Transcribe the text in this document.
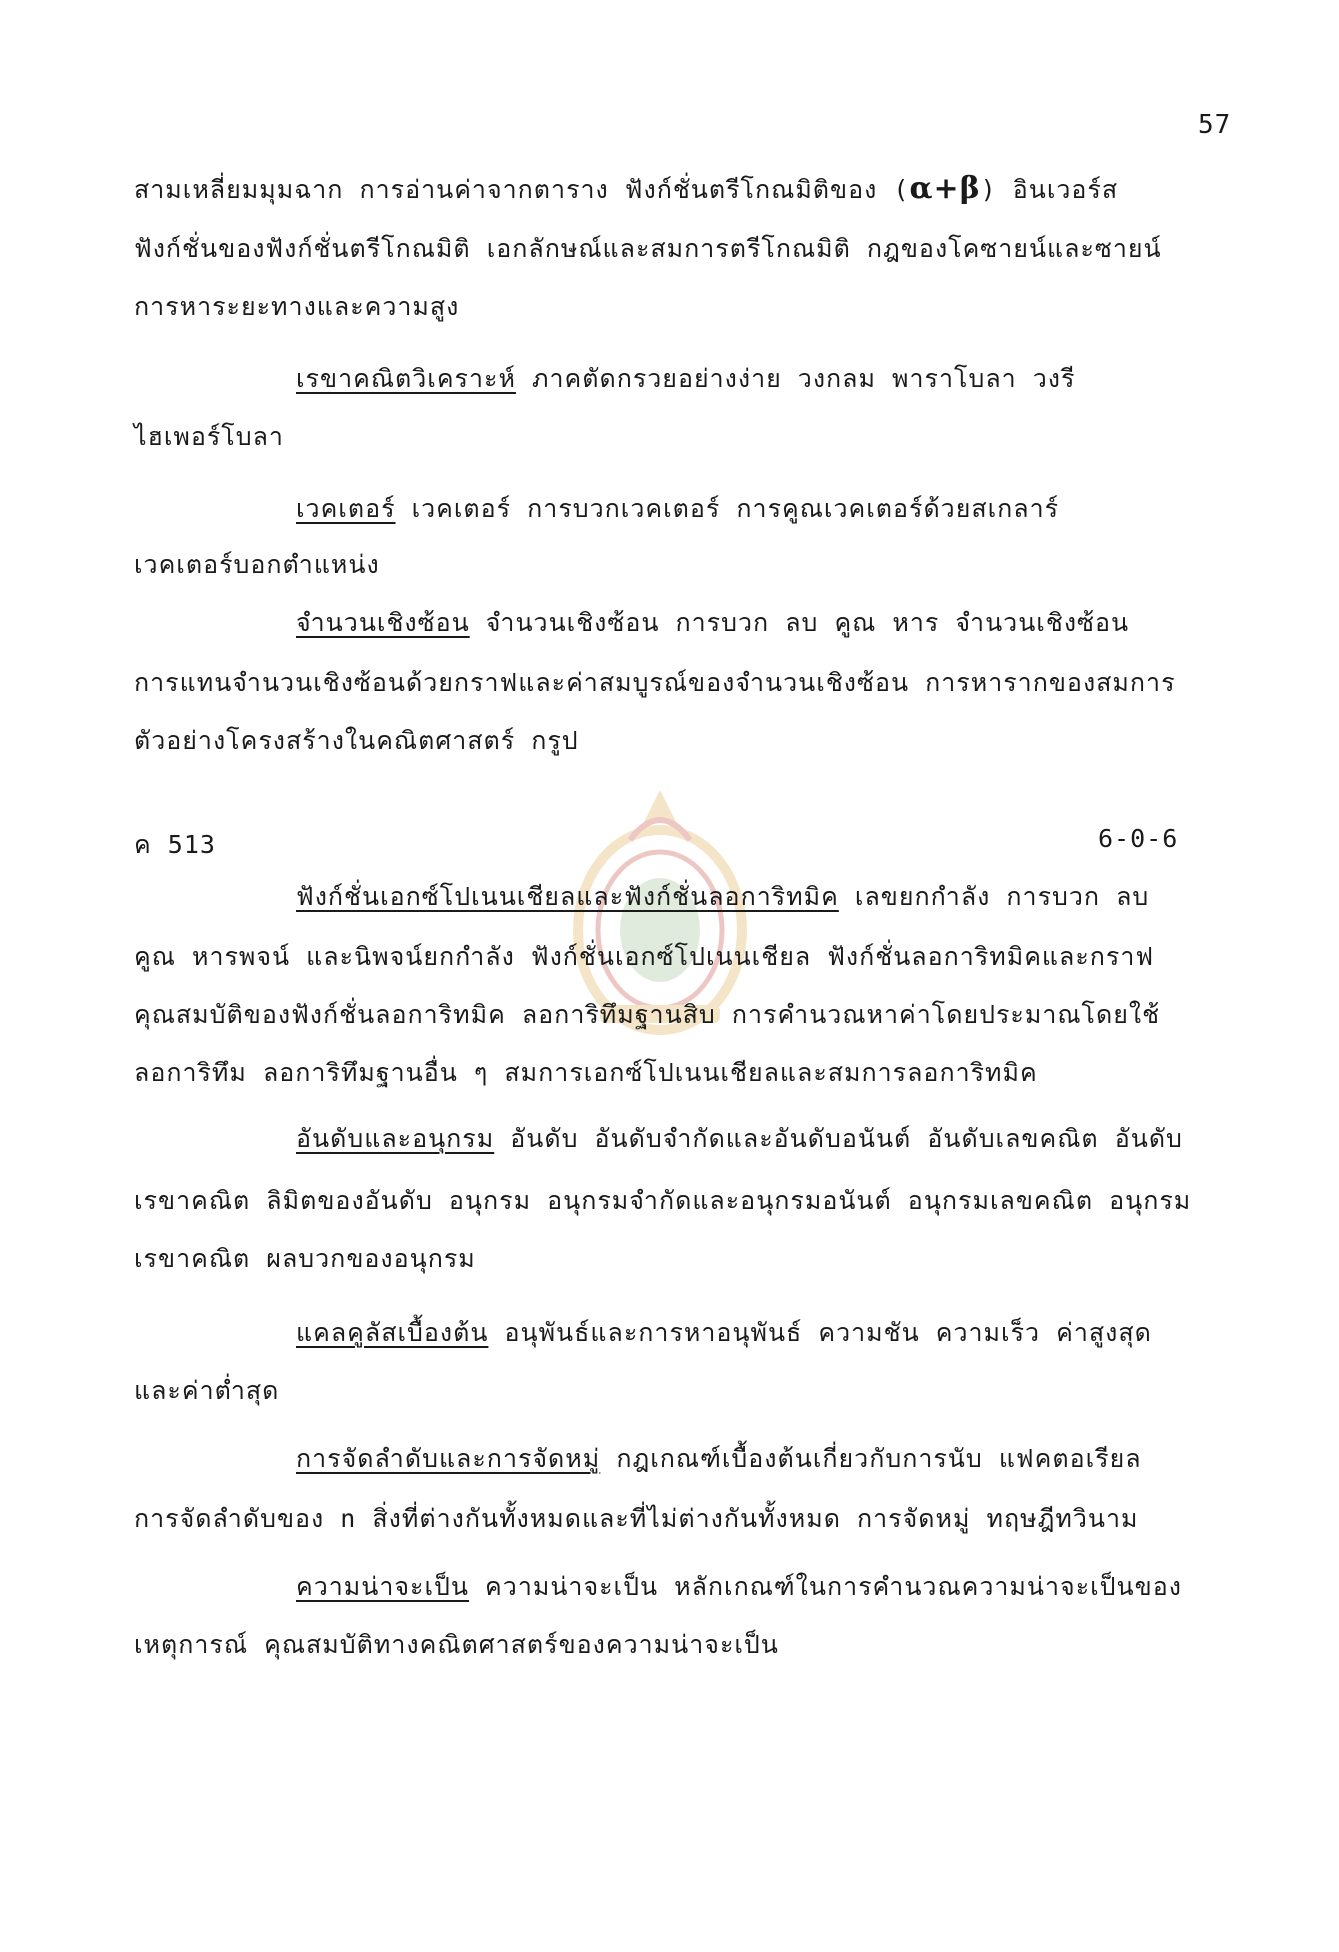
57
สามเหลี่ยมมุมฉาก การอ่านค่าจากตาราง ฟังก์ชั่นตรีโกณมิติของ (α+β) อินเวอร์ส
ฟังก์ชั่นของฟังก์ชั่นตรีโกณมิติ เอกลักษณ์และสมการตรีโกณมิติ กฎของโคซายน์และซายน์
การหาระยะทางและความสูง
เรขาคณิตวิเคราะห์ ภาคตัดกรวยอย่างง่าย วงกลม พาราโบลา วงรี
ไฮเพอร์โบลา
เวคเตอร์ เวคเตอร์ การบวกเวคเตอร์ การคูณเวคเตอร์ด้วยสเกลาร์
เวคเตอร์บอกตำแหน่ง
จำนวนเชิงซ้อน จำนวนเชิงซ้อน การบวก ลบ คูณ หาร จำนวนเชิงซ้อน
การแทนจำนวนเชิงซ้อนด้วยกราฟและค่าสมบูรณ์ของจำนวนเชิงซ้อน การหารากของสมการ
ตัวอย่างโครงสร้างในคณิตศาสตร์ กรูป
ค 513	6-0-6
ฟังก์ชั่นเอกซ์โปเนนเชียลและฟังก์ชั่นลอการิทมิค เลขยกกำลัง การบวก ลบ
คูณ หารพจน์ และนิพจน์ยกกำลัง ฟังก์ชั่นเอกซ์โปเนนเชียล ฟังก์ชั่นลอการิทมิคและกราฟ
คุณสมบัติของฟังก์ชั่นลอการิทมิค ลอการิทึมฐานสิบ การคำนวณหาค่าโดยประมาณโดยใช้
ลอการิทึม ลอการิทึมฐานอื่น ๆ สมการเอกซ์โปเนนเชียลและสมการลอการิทมิค
อันดับและอนุกรม อันดับ อันดับจำกัดและอันดับอนันต์ อันดับเลขคณิต อันดับ
เรขาคณิต ลิมิตของอันดับ อนุกรม อนุกรมจำกัดและอนุกรมอนันต์ อนุกรมเลขคณิต อนุกรม
เรขาคณิต ผลบวกของอนุกรม
แคลคูลัสเบื้องต้น อนุพันธ์และการหาอนุพันธ์ ความชัน ความเร็ว ค่าสูงสุด
และค่าต่ำสุด
การจัดลำดับและการจัดหมู่ กฎเกณฑ์เบื้องต้นเกี่ยวกับการนับ แฟคตอเรียล
การจัดลำดับของ n สิ่งที่ต่างกันทั้งหมดและที่ไม่ต่างกันทั้งหมด การจัดหมู่ ทฤษฎีทวินาม
ความน่าจะเป็น ความน่าจะเป็น หลักเกณฑ์ในการคำนวณความน่าจะเป็นของ
เหตุการณ์ คุณสมบัติทางคณิตศาสตร์ของความน่าจะเป็น
